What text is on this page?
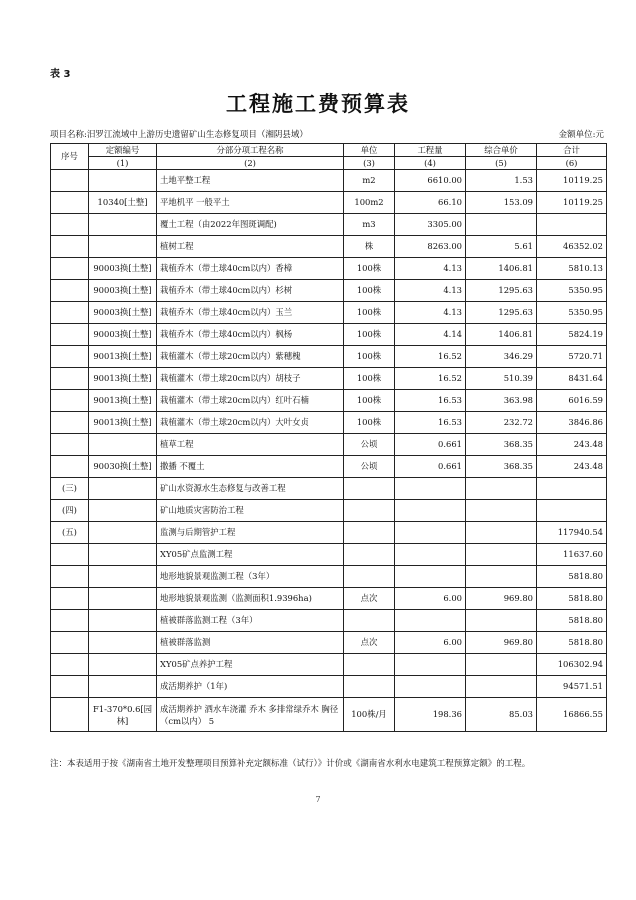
表 3
工程施工费预算表
项目名称:汨罗江流域中上游历史遗留矿山生态修复项目（湘阴县域）	金额单位:元
序号	定额编号	分部分项工程名称	单位	工程量	综合单价	合计
	(1)	(2)	(3)	(4)	(5)	(6)
		土地平整工程	m2	6610.00	1.53	10119.25
	10340[土整]	平地机平 一般平土	100m2	66.10	153.09	10119.25
		覆土工程（由2022年图斑调配)	m3	3305.00		
		植树工程	株	8263.00	5.61	46352.02
	90003换[土整]	栽植乔木（带土球40cm以内）香樟	100株	4.13	1406.81	5810.13
	90003换[土整]	栽植乔木（带土球40cm以内）杉树	100株	4.13	1295.63	5350.95
	90003换[土整]	栽植乔木（带土球40cm以内）玉兰	100株	4.13	1295.63	5350.95
	90003换[土整]	栽植乔木（带土球40cm以内）枫杨	100株	4.14	1406.81	5824.19
	90013换[土整]	栽植灌木（带土球20cm以内）紫穗槐	100株	16.52	346.29	5720.71
	90013换[土整]	栽植灌木（带土球20cm以内）胡枝子	100株	16.52	510.39	8431.64
	90013换[土整]	栽植灌木（带土球20cm以内）红叶石楠	100株	16.53	363.98	6016.59
	90013换[土整]	栽植灌木（带土球20cm以内）大叶女贞	100株	16.53	232.72	3846.86
		植草工程	公顷	0.661	368.35	243.48
	90030换[土整]	撒播 不覆土	公顷	0.661	368.35	243.48
(三)		矿山水资源水生态修复与改善工程				
(四)		矿山地质灾害防治工程				
(五)		监测与后期管护工程				117940.54
		XY05矿点监测工程				11637.60
		地形地貌景观监测工程（3年）				5818.80
		地形地貌景观监测（监测面积1.9396ha)	点次	6.00	969.80	5818.80
		植被群落监测工程（3年）				5818.80
		植被群落监测	点次	6.00	969.80	5818.80
		XY05矿点养护工程				106302.94
		成活期养护（1年)				94571.51
	F1-370*0.6[园林]	成活期养护 洒水车浇灌 乔木 多排常绿乔木 胸径（cm以内） 5	100株/月	198.36	85.03	16866.55
注：本表适用于按《湖南省土地开发整理项目预算补充定额标准（试行）》计价或《湖南省水利水电建筑工程预算定额》的工程。
7
